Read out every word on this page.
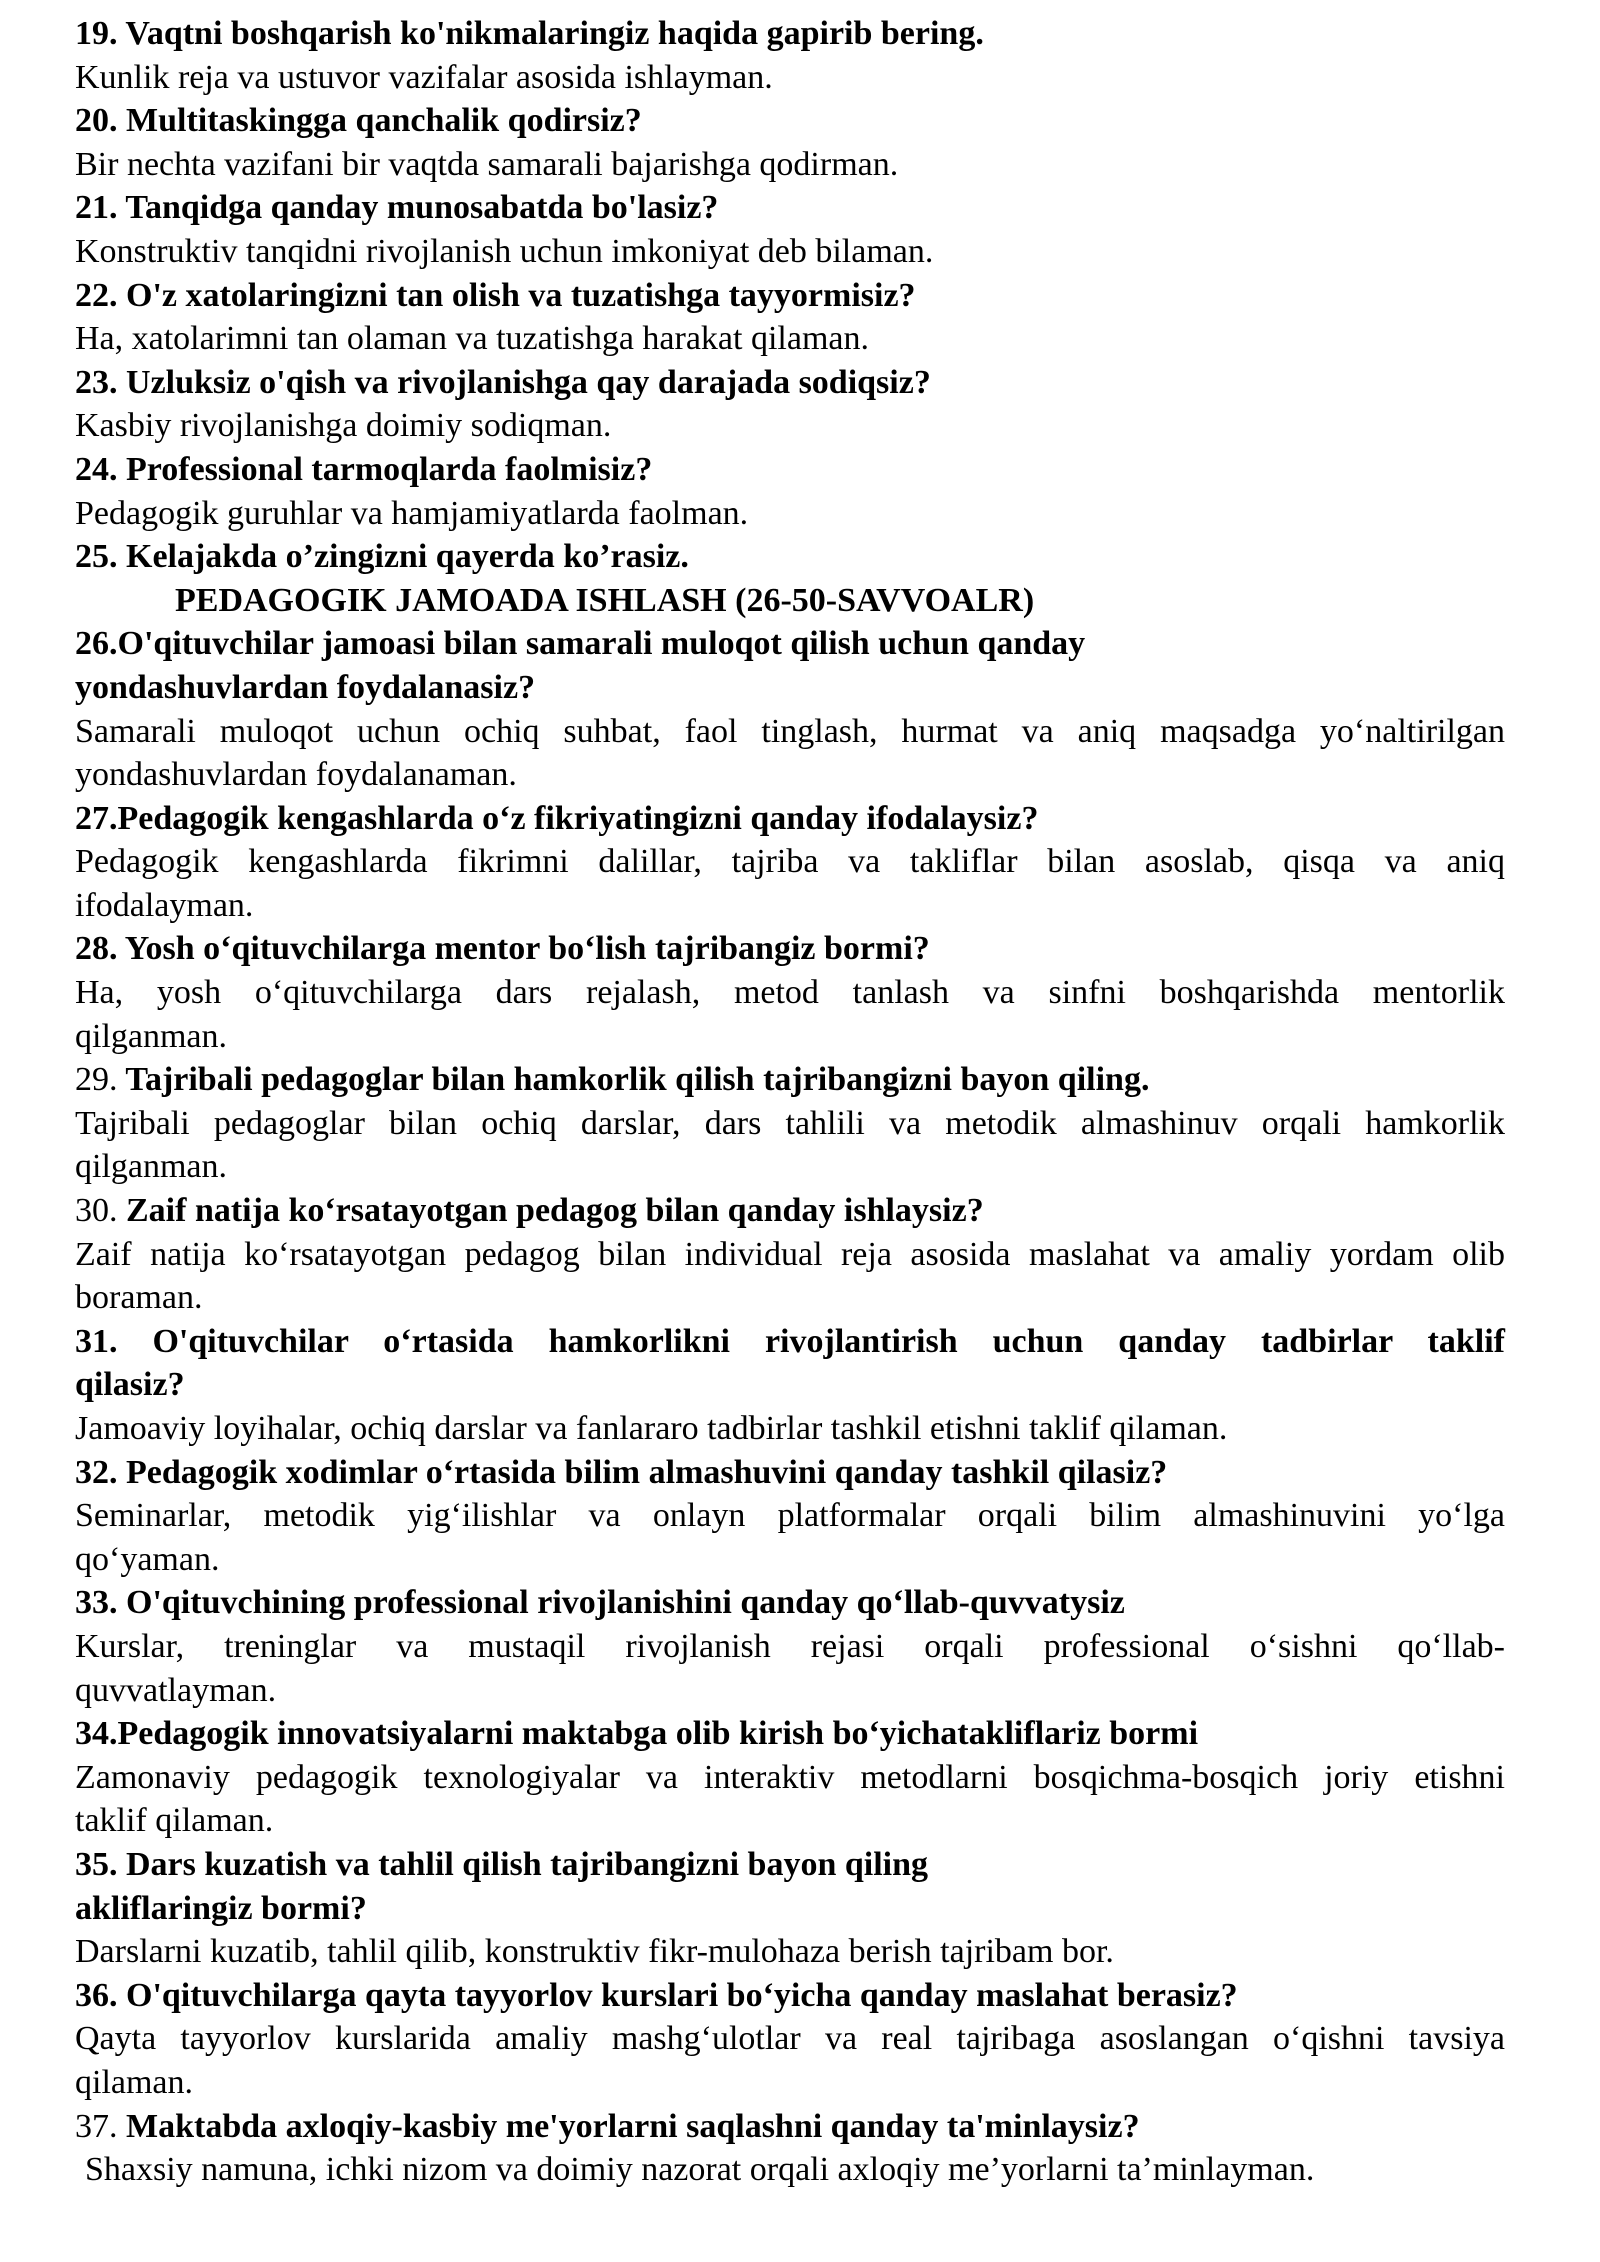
19. Vaqtni boshqarish ko'nikmalaringiz haqida gapirib bering.

Kunlik reja va ustuvor vazifalar asosida ishlayman.

20. Multitaskingga qanchalik qodirsiz?

Bir nechta vazifani bir vaqtda samarali bajarishga qodirman.

21. Tanqidga qanday munosabatda bo'lasiz?

Konstruktiv tanqidni rivojlanish uchun imkoniyat deb bilaman.

22. O'z xatolaringizni tan olish va tuzatishga tayyormisiz?

Ha, xatolarimni tan olaman va tuzatishga harakat qilaman.

23. Uzluksiz o'qish va rivojlanishga qay darajada sodiqsiz?

Kasbiy rivojlanishga doimiy sodiqman.

24. Professional tarmoqlarda faolmisiz?

Pedagogik guruhlar va hamjamiyatlarda faolman.

25. Kelajakda o’zingizni qayerda ko’rasiz.

PEDAGOGIK JAMOADA ISHLASH (26-50-SAVVOALR)

26.O'qituvchilar jamoasi bilan samarali muloqot qilish uchun qanday
yondashuvlardan foydalanasiz?

Samarali muloqot uchun ochiq suhbat, faol tinglash, hurmat va aniq maqsadga yo‘naltirilgan
yondashuvlardan foydalanaman.

27.Pedagogik kengashlarda o‘z fikriyatingizni qanday ifodalaysiz?

Pedagogik kengashlarda fikrimni dalillar, tajriba va takliflar bilan asoslab, qisqa va aniq
ifodalayman.

28. Yosh o‘qituvchilarga mentor bo‘lish tajribangiz bormi?

Ha, yosh o‘qituvchilarga dars rejalash, metod tanlash va sinfni boshqarishda mentorlik
qilganman.

29. Tajribali pedagoglar bilan hamkorlik qilish tajribangizni bayon qiling.

Tajribali pedagoglar bilan ochiq darslar, dars tahlili va metodik almashinuv orqali hamkorlik
qilganman.

30. Zaif natija ko‘rsatayotgan pedagog bilan qanday ishlaysiz?

Zaif natija ko‘rsatayotgan pedagog bilan individual reja asosida maslahat va amaliy yordam olib
boraman.

31. O'qituvchilar o‘rtasida hamkorlikni rivojlantirish uchun qanday tadbirlar taklif
qilasiz?

Jamoaviy loyihalar, ochiq darslar va fanlararo tadbirlar tashkil etishni taklif qilaman.

32. Pedagogik xodimlar o‘rtasida bilim almashuvini qanday tashkil qilasiz?

Seminarlar, metodik yig‘ilishlar va onlayn platformalar orqali bilim almashinuvini yo‘lga
qo‘yaman.

33. O'qituvchining professional rivojlanishini qanday qo‘llab-quvvatysiz

Kurslar, treninglar va mustaqil rivojlanish rejasi orqali professional o‘sishni qo‘llab-
quvvatlayman.

34.Pedagogik innovatsiyalarni maktabga olib kirish bo‘yichatakliflariz bormi

Zamonaviy pedagogik texnologiyalar va interaktiv metodlarni bosqichma-bosqich joriy etishni
taklif qilaman.

35. Dars kuzatish va tahlil qilish tajribangizni bayon qiling
akliflaringiz bormi?

Darslarni kuzatib, tahlil qilib, konstruktiv fikr-mulohaza berish tajribam bor.

36. O'qituvchilarga qayta tayyorlov kurslari bo‘yicha qanday maslahat berasiz?

Qayta tayyorlov kurslarida amaliy mashg‘ulotlar va real tajribaga asoslangan o‘qishni tavsiya
qilaman.

37. Maktabda axloqiy-kasbiy me'yorlarni saqlashni qanday ta'minlaysiz?

Shaxsiy namuna, ichki nizom va doimiy nazorat orqali axloqiy me’yorlarni ta’minlayman.
